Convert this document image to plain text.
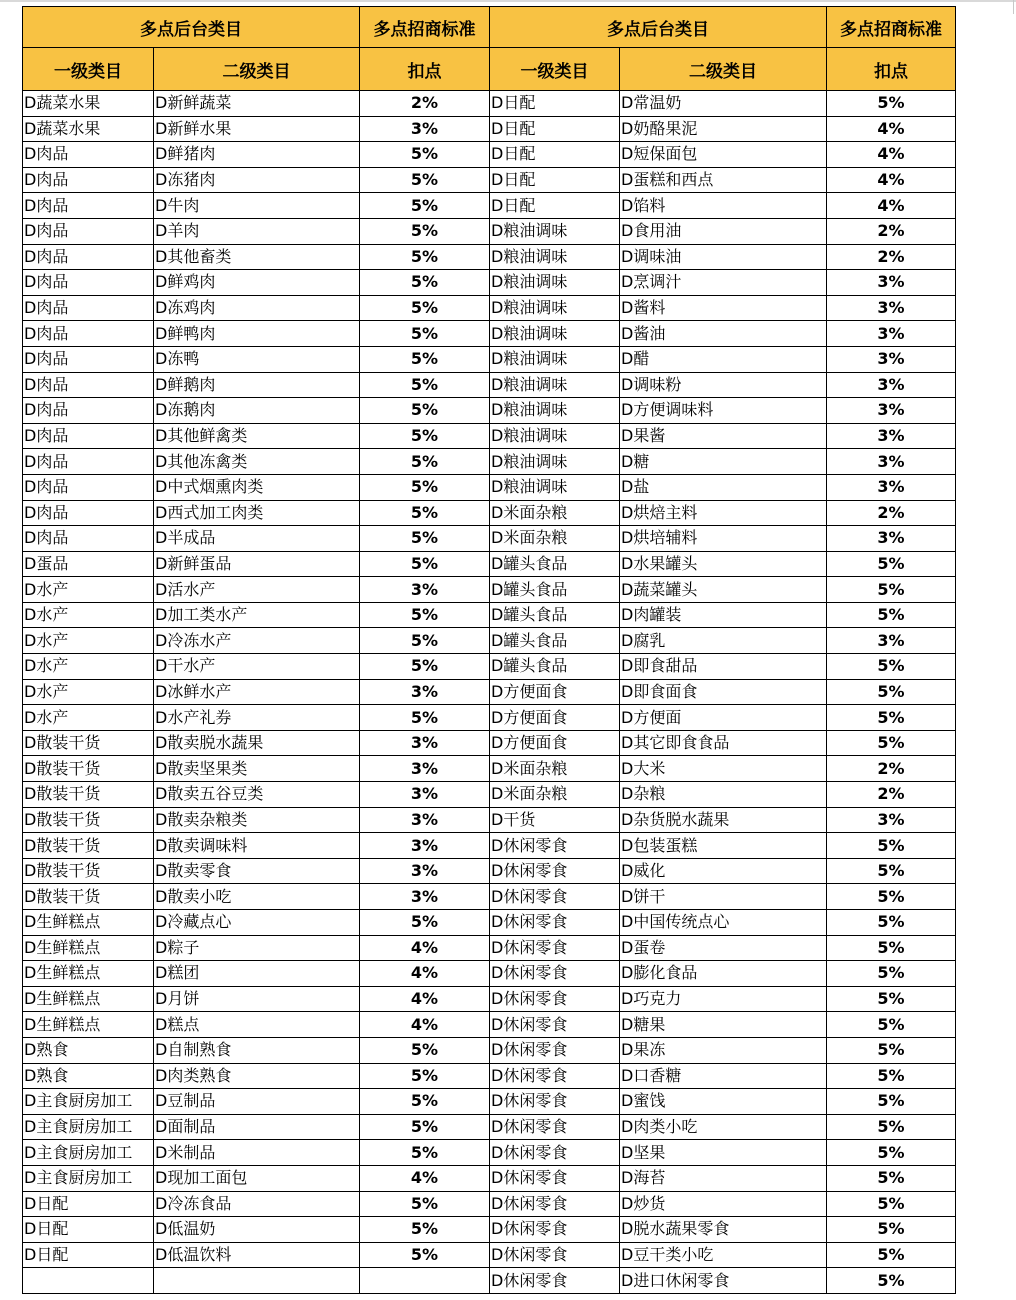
多点后台类目		多点招商标准	多点后台类目		多点招商标准
一级类目	二级类目	扣点	一级类目	二级类目	扣点
D蔬菜水果	D新鲜蔬菜	2%	D日配	D常温奶	5%
D蔬菜水果	D新鲜水果	3%	D日配	D奶酪果泥	4%
D肉品	D鲜猪肉	5%	D日配	D短保面包	4%
D肉品	D冻猪肉	5%	D日配	D蛋糕和西点	4%
D肉品	D牛肉	5%	D日配	D馅料	4%
D肉品	D羊肉	5%	D粮油调味	D食用油	2%
D肉品	D其他畜类	5%	D粮油调味	D调味油	2%
D肉品	D鲜鸡肉	5%	D粮油调味	D烹调汁	3%
D肉品	D冻鸡肉	5%	D粮油调味	D酱料	3%
D肉品	D鲜鸭肉	5%	D粮油调味	D酱油	3%
D肉品	D冻鸭	5%	D粮油调味	D醋	3%
D肉品	D鲜鹅肉	5%	D粮油调味	D调味粉	3%
D肉品	D冻鹅肉	5%	D粮油调味	D方便调味料	3%
D肉品	D其他鲜禽类	5%	D粮油调味	D果酱	3%
D肉品	D其他冻禽类	5%	D粮油调味	D糖	3%
D肉品	D中式烟熏肉类	5%	D粮油调味	D盐	3%
D肉品	D西式加工肉类	5%	D米面杂粮	D烘焙主料	2%
D肉品	D半成品	5%	D米面杂粮	D烘培辅料	3%
D蛋品	D新鲜蛋品	5%	D罐头食品	D水果罐头	5%
D水产	D活水产	3%	D罐头食品	D蔬菜罐头	5%
D水产	D加工类水产	5%	D罐头食品	D肉罐装	5%
D水产	D冷冻水产	5%	D罐头食品	D腐乳	3%
D水产	D干水产	5%	D罐头食品	D即食甜品	5%
D水产	D冰鲜水产	3%	D方便面食	D即食面食	5%
D水产	D水产礼券	5%	D方便面食	D方便面	5%
D散装干货	D散卖脱水蔬果	3%	D方便面食	D其它即食食品	5%
D散装干货	D散卖坚果类	3%	D米面杂粮	D大米	2%
D散装干货	D散卖五谷豆类	3%	D米面杂粮	D杂粮	2%
D散装干货	D散卖杂粮类	3%	D干货	D杂货脱水蔬果	3%
D散装干货	D散卖调味料	3%	D休闲零食	D包装蛋糕	5%
D散装干货	D散卖零食	3%	D休闲零食	D威化	5%
D散装干货	D散卖小吃	3%	D休闲零食	D饼干	5%
D生鲜糕点	D冷藏点心	5%	D休闲零食	D中国传统点心	5%
D生鲜糕点	D粽子	4%	D休闲零食	D蛋卷	5%
D生鲜糕点	D糕团	4%	D休闲零食	D膨化食品	5%
D生鲜糕点	D月饼	4%	D休闲零食	D巧克力	5%
D生鲜糕点	D糕点	4%	D休闲零食	D糖果	5%
D熟食	D自制熟食	5%	D休闲零食	D果冻	5%
D熟食	D肉类熟食	5%	D休闲零食	D口香糖	5%
D主食厨房加工	D豆制品	5%	D休闲零食	D蜜饯	5%
D主食厨房加工	D面制品	5%	D休闲零食	D肉类小吃	5%
D主食厨房加工	D米制品	5%	D休闲零食	D坚果	5%
D主食厨房加工	D现加工面包	4%	D休闲零食	D海苔	5%
D日配	D冷冻食品	5%	D休闲零食	D炒货	5%
D日配	D低温奶	5%	D休闲零食	D脱水蔬果零食	5%
D日配	D低温饮料	5%	D休闲零食	D豆干类小吃	5%
			D休闲零食	D进口休闲零食	5%
